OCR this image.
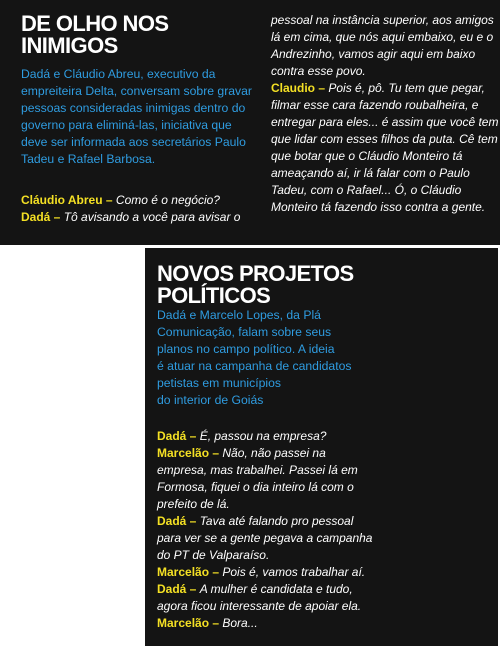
DE OLHO NOS
INIMIGOS
Dadá e Cláudio Abreu, executivo da
empreiteira Delta, conversam sobre gravar
pessoas consideradas inimigas dentro do
governo para eliminá-las, iniciativa que
deve ser informada aos secretários Paulo
Tadeu e Rafael Barbosa.
Cláudio Abreu – Como é o negócio?
Dadá – Tô avisando a você para avisar o
pessoal na instância superior, aos amigos
lá em cima, que nós aqui embaixo, eu e o
Andrezinho, vamos agir aqui em baixo
contra esse povo.
Claudio – Pois é, pô. Tu tem que pegar,
filmar esse cara fazendo roubalheira, e
entregar para eles... é assim que você tem
que lidar com esses filhos da puta. Cê tem
que botar que o Cláudio Monteiro tá
ameaçando aí, ir lá falar com o Paulo
Tadeu, com o Rafael... Ó, o Cláudio
Monteiro tá fazendo isso contra a gente.
NOVOS PROJETOS
POLÍTICOS
Dadá e Marcelo Lopes, da Plá
Comunicação, falam sobre seus
planos no campo político. A ideia
é atuar na campanha de candidatos
petistas em municípios
do interior de Goiás
Dadá – É, passou na empresa?
Marcelão – Não, não passei na
empresa, mas trabalhei. Passei lá em
Formosa, fiquei o dia inteiro lá com o
prefeito de lá.
Dadá – Tava até falando pro pessoal
para ver se a gente pegava a campanha
do PT de Valparaíso.
Marcelão – Pois é, vamos trabalhar aí.
Dadá – A mulher é candidata e tudo,
agora ficou interessante de apoiar ela.
Marcelão – Bora...
